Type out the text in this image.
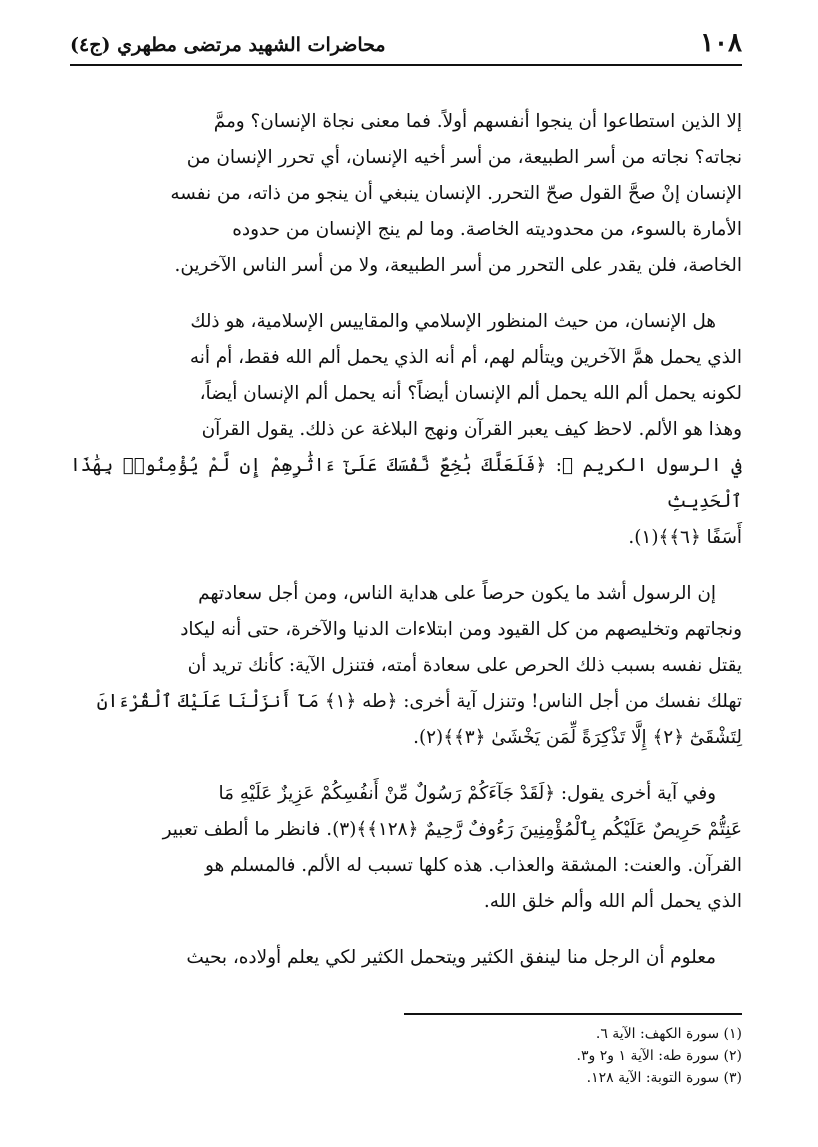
١٠٨
محاضرات الشهيد مرتضى مطهري (ج٤)

إلا الذين استطاعوا أن ينجوا أنفسهم أولاً. فما معنى نجاة الإنسان؟ وممَّ
نجاته؟ نجاته من أسر الطبيعة، من أسر أخيه الإنسان، أي تحرر الإنسان من
الإنسان إنْ صحَّ القول صحّ التحرر. الإنسان ينبغي أن ينجو من ذاته، من نفسه
الأمارة بالسوء، من محدوديته الخاصة. وما لم ينج الإنسان من حدوده
الخاصة، فلن يقدر على التحرر من أسر الطبيعة، ولا من أسر الناس الآخرين.

هل الإنسان، من حيث المنظور الإسلامي والمقاييس الإسلامية، هو ذلك
الذي يحمل همَّ الآخرين ويتألم لهم، أم أنه الذي يحمل ألم الله فقط، أم أنه
لكونه يحمل ألم الله يحمل ألم الإنسان أيضاً؟ أنه يحمل ألم الإنسان أيضاً،
وهذا هو الألم. لاحظ كيف يعبر القرآن ونهج البلاغة عن ذلك. يقول القرآن
في الرسول الكريم ﷺ: ﴿فَلَعَلَّكَ بَٰخِعٌ نَّفْسَكَ عَلَىٰٓ ءَاثَٰرِهِمْ إِن لَّمْ يُؤْمِنُوا۟ بِهَٰذَا ٱلْحَدِيثِ
أَسَفًا ﴿٦﴾﴾(١).

إن الرسول أشد ما يكون حرصاً على هداية الناس، ومن أجل سعادتهم
ونجاتهم وتخليصهم من كل القيود ومن ابتلاءات الدنيا والآخرة، حتى أنه ليكاد
يقتل نفسه بسبب ذلك الحرص على سعادة أمته، فتنزل الآية: كأنك تريد أن
تهلك نفسك من أجل الناس! وتنزل آية أخرى: ﴿طه ﴿١﴾ مَآ أَنزَلْنَا عَلَيْكَ ٱلْقُرْءَانَ
لِتَشْقَىٰٓ ﴿٢﴾ إِلَّا تَذْكِرَةً لِّمَن يَخْشَىٰ ﴿٣﴾﴾(٢).

وفي آية أخرى يقول: ﴿لَقَدْ جَآءَكُمْ رَسُولٌ مِّنْ أَنفُسِكُمْ عَزِيزٌ عَلَيْهِ مَا
عَنِتُّمْ حَرِيصٌ عَلَيْكُم بِٱلْمُؤْمِنِينَ رَءُوفٌ رَّحِيمٌ ﴿١٢٨﴾﴾(٣). فانظر ما ألطف تعبير
القرآن. والعنت: المشقة والعذاب. هذه كلها تسبب له الألم. فالمسلم هو
الذي يحمل ألم الله وألم خلق الله.

معلوم أن الرجل منا لينفق الكثير ويتحمل الكثير لكي يعلم أولاده، بحيث

(١) سورة الكهف: الآية ٦.
(٢) سورة طه: الآية ١ و٢ و٣.
(٣) سورة التوبة: الآية ١٢٨.
